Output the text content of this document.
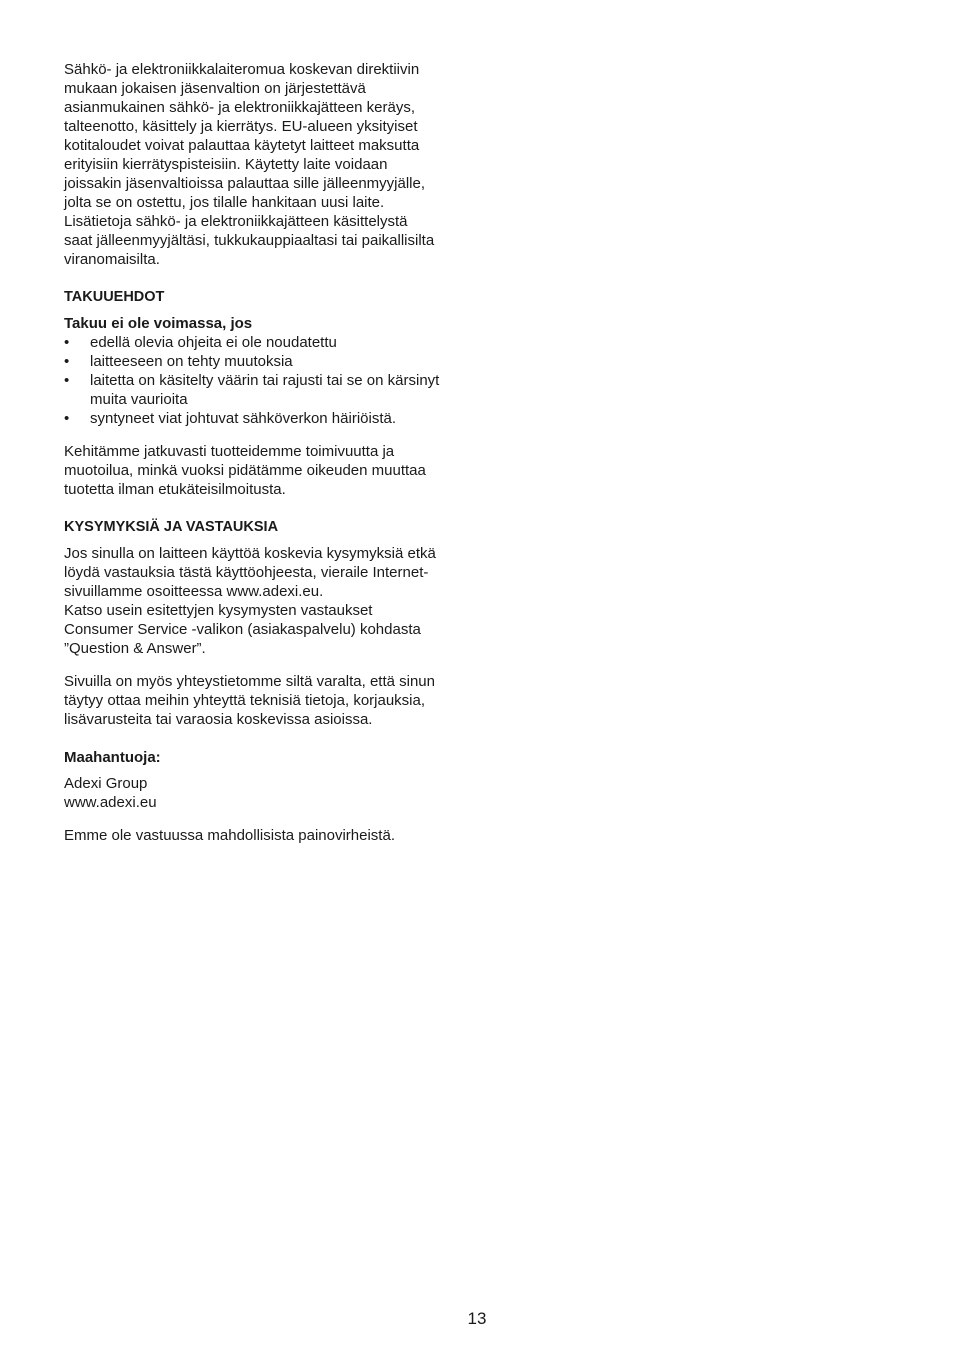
Sähkö- ja elektroniikkalaiteromua koskevan direktiivin
mukaan jokaisen jäsenvaltion on järjestettävä
asianmukainen sähkö- ja elektroniikkajätteen keräys,
talteenotto, käsittely ja kierrätys. EU-alueen yksityiset
kotitaloudet voivat palauttaa käytetyt laitteet maksutta
erityisiin kierrätyspisteisiin. Käytetty laite voidaan
joissakin jäsenvaltioissa palauttaa sille jälleenmyyjälle,
jolta se on ostettu, jos tilalle hankitaan uusi laite.
Lisätietoja sähkö- ja elektroniikkajätteen käsittelystä
saat jälleenmyyjältäsi, tukkukauppiaaltasi tai paikallisilta
viranomaisilta.
TAKUUEHDOT
Takuu ei ole voimassa, jos
• edellä olevia ohjeita ei ole noudatettu
• laitteeseen on tehty muutoksia
• laitetta on käsitelty väärin tai rajusti tai se on kärsinyt
muita vaurioita
• syntyneet viat johtuvat sähköverkon häiriöistä.
Kehitämme jatkuvasti tuotteidemme toimivuutta ja
muotoilua, minkä vuoksi pidätämme oikeuden muuttaa
tuotetta ilman etukäteisilmoitusta.
KYSYMYKSIÄ JA VASTAUKSIA
Jos sinulla on laitteen käyttöä koskevia kysymyksiä etkä
löydä vastauksia tästä käyttöohjeesta, vieraile Internet-
sivuillamme osoitteessa www.adexi.eu.
Katso usein esitettyjen kysymysten vastaukset
Consumer Service -valikon (asiakaspalvelu) kohdasta
”Question & Answer”.
Sivuilla on myös yhteystietomme siltä varalta, että sinun
täytyy ottaa meihin yhteyttä teknisiä tietoja, korjauksia,
lisävarusteita tai varaosia koskevissa asioissa.
Maahantuoja:
Adexi Group
www.adexi.eu
Emme ole vastuussa mahdollisista painovirheistä.
13
